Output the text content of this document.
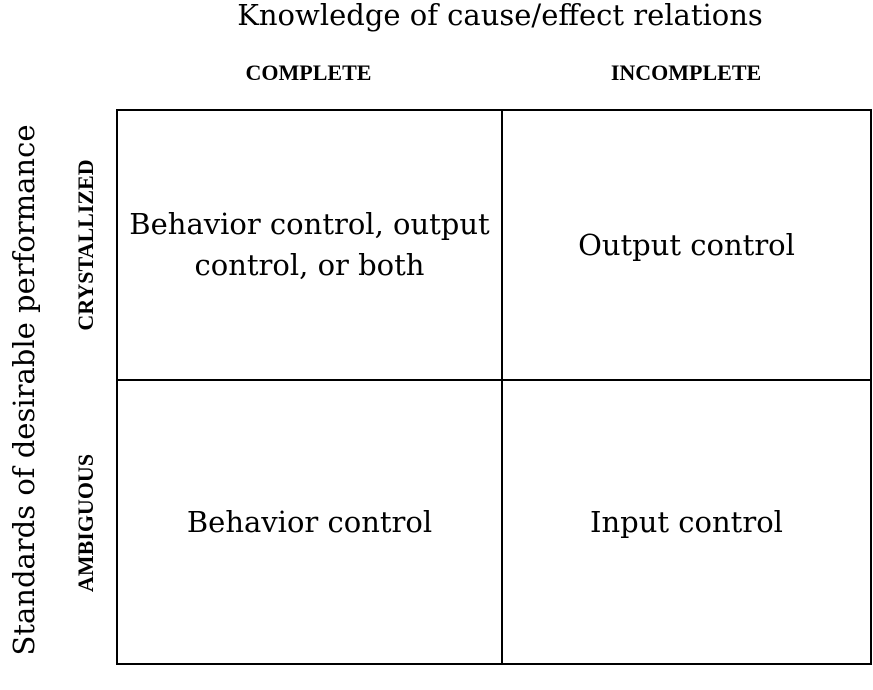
Knowledge of cause/effect relations
COMPLETE	INCOMPLETE
Standards of desirable performance CRYSTALLIZED
AMBIGUOUS
Behavior control, output control, or both
Output control
Behavior control	Input control
